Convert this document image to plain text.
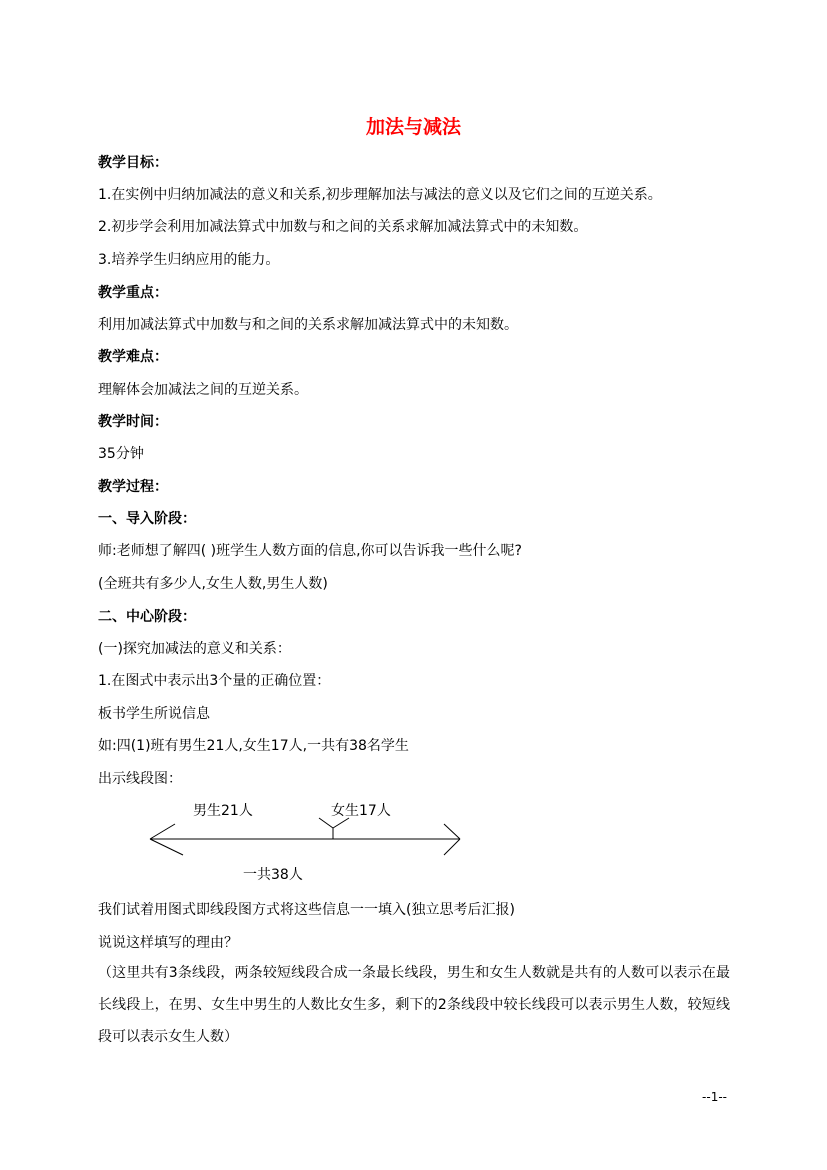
加法与减法
教学目标：
1.在实例中归纳加减法的意义和关系,初步理解加法与减法的意义以及它们之间的互逆关系。
2.初步学会利用加减法算式中加数与和之间的关系求解加减法算式中的未知数。
3.培养学生归纳应用的能力。
教学重点：
利用加减法算式中加数与和之间的关系求解加减法算式中的未知数。
教学难点：
理解体会加减法之间的互逆关系。
教学时间：
35分钟
教学过程：
一、导入阶段：
师:老师想了解四( )班学生人数方面的信息,你可以告诉我一些什么呢?
(全班共有多少人,女生人数,男生人数)
二、中心阶段：
(一)探究加减法的意义和关系：
1.在图式中表示出3个量的正确位置：
板书学生所说信息
如:四(1)班有男生21人,女生17人,一共有38名学生
出示线段图：
男生21人	女生17人
一共38人
我们试着用图式即线段图方式将这些信息一一填入(独立思考后汇报)
说说这样填写的理由？
（这里共有3条线段，两条较短线段合成一条最长线段，男生和女生人数就是共有的人数可以表示在最长线段上，在男、女生中男生的人数比女生多，剩下的2条线段中较长线段可以表示男生人数，较短线段可以表示女生人数）
--1--
